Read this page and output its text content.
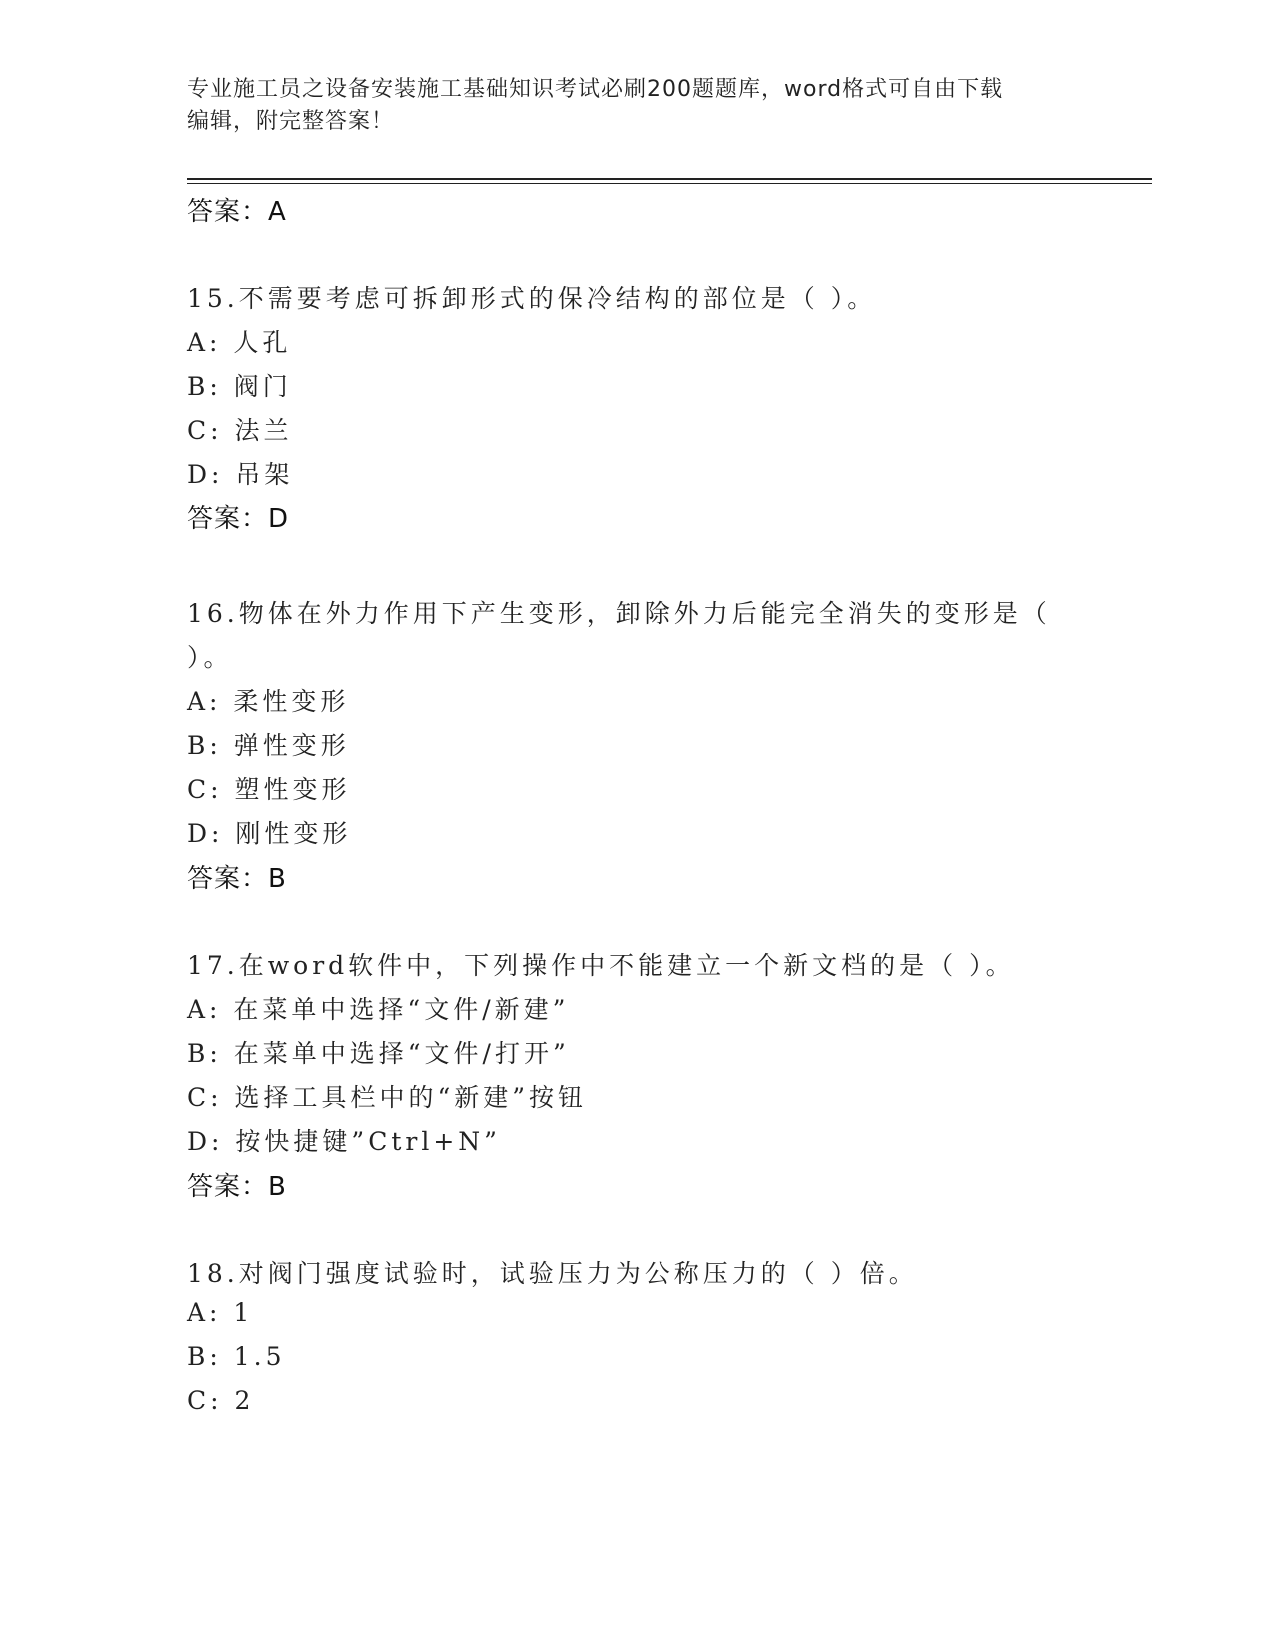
专业施工员之设备安装施工基础知识考试必刷200题题库，word格式可自由下载
编辑，附完整答案！
答案：A
15.不需要考虑可拆卸形式的保冷结构的部位是（ ）。
A: 人孔
B: 阀门
C: 法兰
D: 吊架
答案：D
16.物体在外力作用下产生变形，卸除外力后能完全消失的变形是（
）。
A: 柔性变形
B: 弹性变形
C: 塑性变形
D: 刚性变形
答案：B
17.在word软件中，下列操作中不能建立一个新文档的是（ ）。
A: 在菜单中选择“文件/新建”
B: 在菜单中选择“文件/打开”
C: 选择工具栏中的“新建”按钮
D: 按快捷键”Ctrl+N”
答案：B
18.对阀门强度试验时，试验压力为公称压力的（ ）倍。
A: 1
B: 1.5
C: 2
